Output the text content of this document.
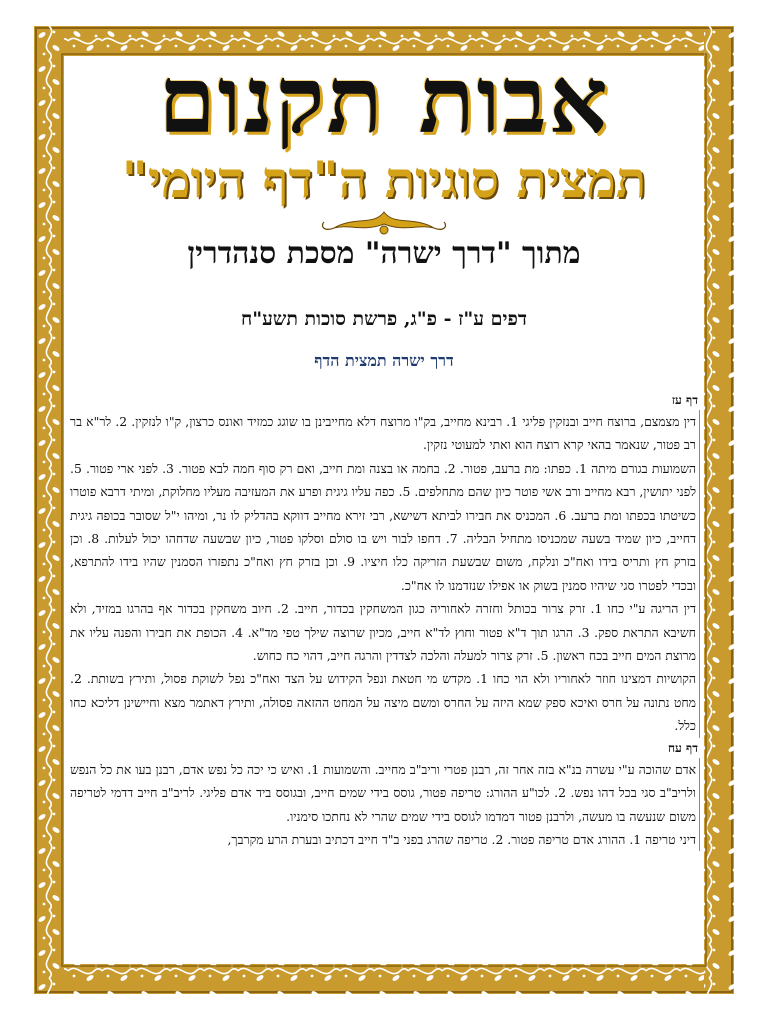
אבות תקנום
תמצית סוגיות ה"דף היומי"
מתוך "דרך ישרה" מסכת סנהדרין
דפים ע"ז - פ"ג, פרשת סוכות תשע"ח
דרך ישרה תמצית הדף

דף עז

דין מצמצם, ברוצח חייב ובנזקין פליגי 1. רבינא מחייב, בק"ו מרוצח דלא מחייבינן בו שוגג כמזיד ואונס כרצון, ק"ו לנזקין. 2. לר"א בר רב פטור, שנאמר בהאי קרא רוצח הוא ואתי למעוטי נזקין.

השמועות בגורם מיתה 1. כפתו: מת ברעב, פטור. 2. בחמה או בצנה ומת חייב, ואם רק סוף חמה לבא פטור. 3. לפני ארי פטור. 5. לפני יתושין, רבא מחייב ורב אשי פוטר כיון שהם מתחלפים. 5. כפה עליו גיגית ופרע את המעזיבה מעליו מחלוקת, ומיתי דרבא פוטרו כשיטתו בכפתו ומת ברעב. 6. המכניס את חבירו לביתא דשישא, רבי זירא מחייב דווקא בהדליק לו נר, ומיהו י"ל שסובר בכופה גיגית דחייב, כיון שמיד בשעה שמכניסו מתחיל הבליה. 7. דחפו לבור ויש בו סולם וסלקו פטור, כיון שבשעה שדחהו יכול לעלות. 8. וכן בזרק חץ ותריס בידו ואח"כ ונלקח, משום שבשעת הזריקה כלו חיציו. 9. וכן בזרק חץ ואח"כ נתפזרו הסמנין שהיו בידו להתרפא, ובכדי לפטרו סגי שיהיו סמנין בשוק או אפילו שנזדמנו לו אח"כ.

דין הריגה ע"י כחו 1. זרק צרור בכותל וחזרה לאחוריה כגון המשחקין בכדור, חייב. 2. חיוב משחקין בכדור אף בהרגו במזיד, ולא חשיבא התראת ספק. 3. הרגו תוך ד"א פטור וחוץ לד"א חייב, מכיון שרוצה שילך טפי מד"א. 4. הכופת את חבירו והפנה עליו את מרוצת המים חייב בכח ראשון. 5. זרק צרור למעלה והלכה לצדדין והרגה חייב, דהוי כח כחוש.

הקושיות דמצינו חוזר לאחוריו ולא הוי כחו 1. מקדש מי חטאת ונפל הקידוש על הצד ואח"כ נפל לשוקת פסול, ותירץ בשותת. 2. מחט נתונה על חרס ואיכא ספק שמא היזה על החרס ומשם מיצה על המחט ההזאה פסולה, ותירץ דאתמר מצא וחיישינן דליכא כחו כלל.

דף עח

אדם שהוכה ע"י עשרה בנ"א בזה אחר זה, רבנן פטרי וריב"ב מחייב. והשמועות 1. ואיש כי יכה כל נפש אדם, רבנן בעו את כל הנפש ולריב"ב סגי בכל דהו נפש. 2. לכו"ע ההורג: טריפה פטור, גוסס בידי שמים חייב, ובגוסס ביד אדם פליגי. לריב"ב חייב דדמי לטריפה משום שנעשה בו מעשה, ולרבנן פטור דמדמו לגוסס בידי שמים שהרי לא נחתכו סימניו.

דיני טריפה 1. ההורג אדם טריפה פטור. 2. טריפה שהרג בפני ב"ד חייב דכתיב ובערת הרע מקרבך,
